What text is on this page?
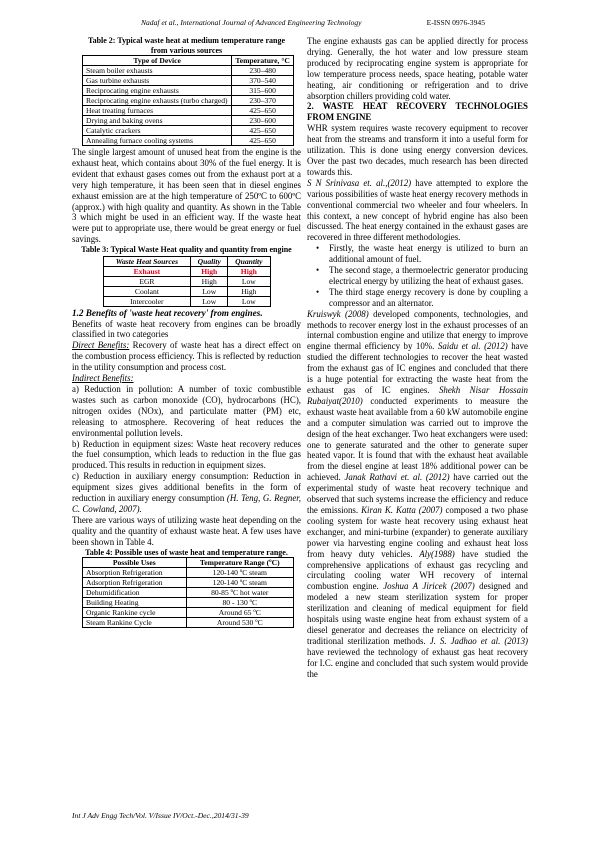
Nadaf et al., International Journal of Advanced Engineering Technology	E-ISSN 0976-3945

Table 2: Typical waste heat at medium temperature range from various sources

Type of Device	Temperature, °C
Steam boiler exhausts	230–480
Gas turbine exhausts	370–540
Reciprocating engine exhausts	315–600
Reciprocating engine exhausts (turbo charged)	230–370
Heat treating furnaces	425–650
Drying and baking ovens	230–600
Catalytic crackers	425–650
Annealing furnace cooling systems	425–650

The single largest amount of unused heat from the engine is the exhaust heat, which contains about 30% of the fuel energy. It is evident that exhaust gases comes out from the exhaust port at a very high temperature, it has been seen that in diesel engines exhaust emission are at the high temperature of 250ºC to 600ºC (approx.) with high quality and quantity. As shown in the Table 3 which might be used in an efficient way. If the waste heat were put to appropriate use, there would be great energy or fuel savings.

Table 3: Typical Waste Heat quality and quantity from engine

Waste Heat Sources	Quality	Quantity
Exhaust	High	High
EGR	High	Low
Coolant	Low	High
Intercooler	Low	Low

1.2 Benefits of 'waste heat recovery' from engines.

Benefits of waste heat recovery from engines can be broadly classified in two categories

Direct Benefits: Recovery of waste heat has a direct effect on the combustion process efficiency. This is reflected by reduction in the utility consumption and process cost.

Indirect Benefits:

a) Reduction in pollution: A number of toxic combustible wastes such as carbon monoxide (CO), hydrocarbons (HC), nitrogen oxides (NOx), and particulate matter (PM) etc, releasing to atmosphere. Recovering of heat reduces the environmental pollution levels.

b) Reduction in equipment sizes: Waste heat recovery reduces the fuel consumption, which leads to reduction in the flue gas produced. This results in reduction in equipment sizes.

c) Reduction in auxiliary energy consumption: Reduction in equipment sizes gives additional benefits in the form of reduction in auxiliary energy consumption (H. Teng, G. Regner, C. Cowland, 2007).

There are various ways of utilizing waste heat depending on the quality and the quantity of exhaust waste heat. A few uses have been shown in Table 4.

Table 4: Possible uses of waste heat and temperature range.

Possible Uses	Temperature Range (ºC)
Absorption Refrigeration	120-140 ºC steam
Adsorption Refrigeration	120-140 ºC steam
Dehumidification	80-85 ºC hot water
Building Heating	80 - 130 ºC
Organic Rankine cycle	Around 65 ºC
Steam Rankine Cycle	Around 530 ºC

The engine exhausts gas can be applied directly for process drying. Generally, the hot water and low pressure steam produced by reciprocating engine system is appropriate for low temperature process needs, space heating, potable water heating, air conditioning or refrigeration and to drive absorption chillers providing cold water.

2. WASTE HEAT RECOVERY TECHNOLOGIES FROM ENGINE

WHR system requires waste recovery equipment to recover heat from the streams and transform it into a useful form for utilization. This is done using energy conversion devices. Over the past two decades, much research has been directed towards this.

S N Srinivasa et. al.,(2012) have attempted to explore the various possibilities of waste heat energy recovery methods in conventional commercial two wheeler and four wheelers. In this context, a new concept of hybrid engine has also been discussed. The heat energy contained in the exhaust gases are recovered in three different methodologies.

• Firstly, the waste heat energy is utilized to burn an additional amount of fuel.
• The second stage, a thermoelectric generator producing electrical energy by utilizing the heat of exhaust gases.
• The third stage energy recovery is done by coupling a compressor and an alternator.

Kruiswyk (2008) developed components, technologies, and methods to recover energy lost in the exhaust processes of an internal combustion engine and utilize that energy to improve engine thermal efficiency by 10%. Saidu et al. (2012) have studied the different technologies to recover the heat wasted from the exhaust gas of IC engines and concluded that there is a huge potential for extracting the waste heat from the exhaust gas of IC engines. Shekh Nisar Hossain Rubaiyat(2010) conducted experiments to measure the exhaust waste heat available from a 60 kW automobile engine and a computer simulation was carried out to improve the design of the heat exchanger. Two heat exchangers were used: one to generate saturated and the other to generate super heated vapor. It is found that with the exhaust heat available from the diesel engine at least 18% additional power can be achieved. Janak Rathavi et. al. (2012) have carried out the experimental study of waste heat recovery technique and observed that such systems increase the efficiency and reduce the emissions. Kiran K. Katta (2007) composed a two phase cooling system for waste heat recovery using exhaust heat exchanger, and mini-turbine (expander) to generate auxiliary power via harvesting engine cooling and exhaust heat loss from heavy duty vehicles. Aly(1988) have studied the comprehensive applications of exhaust gas recycling and circulating cooling water WH recovery of internal combustion engine. Joshua A Jiricek (2007) designed and modeled a new steam sterilization system for proper sterilization and cleaning of medical equipment for field hospitals using waste engine heat from exhaust system of a diesel generator and decreases the reliance on electricity of traditional sterilization methods. J. S. Jadhao et al. (2013) have reviewed the technology of exhaust gas heat recovery for I.C. engine and concluded that such system would provide the

Int J Adv Engg Tech/Vol. V/Issue IV/Oct.-Dec.,2014/31-39
